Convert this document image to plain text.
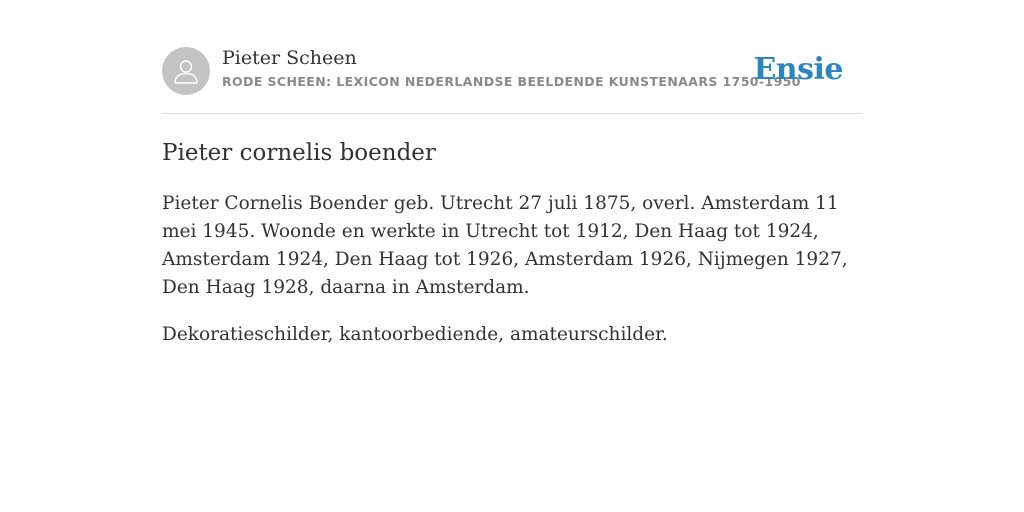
Pieter Scheen
RODE SCHEEN: LEXICON NEDERLANDSE BEELDENDE KUNSTENAARS 1750-1950
Ensie
Pieter cornelis boender

Pieter Cornelis Boender geb. Utrecht 27 juli 1875, overl. Amsterdam 11 mei 1945. Woonde en werkte in Utrecht tot 1912, Den Haag tot 1924, Amsterdam 1924, Den Haag tot 1926, Amsterdam 1926, Nijmegen 1927, Den Haag 1928, daarna in Amsterdam.

Dekoratieschilder, kantoorbediende, amateurschilder.
